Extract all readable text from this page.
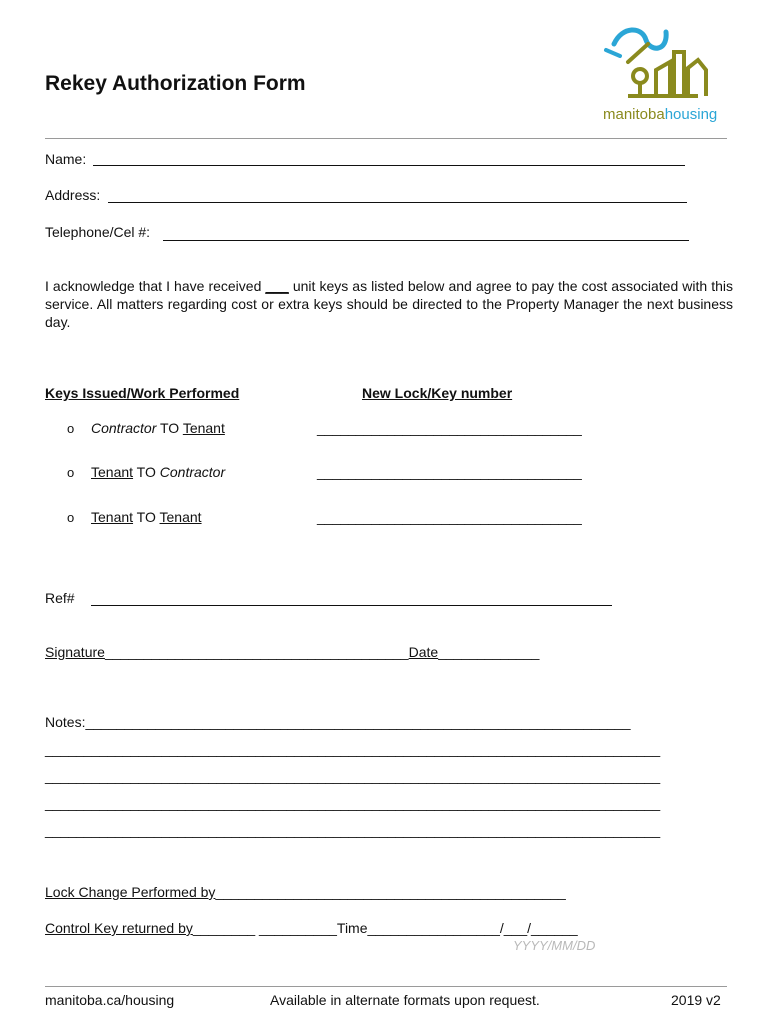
Rekey Authorization Form
manitobahousing
Name:
Address:
Telephone/Cel #:
I acknowledge that I have received ___ unit keys as listed below and agree to pay the cost associated with this service. All matters regarding cost or extra keys should be directed to the Property Manager the next business day.
Keys Issued/Work Performed	New Lock/Key number
o Contractor TO Tenant	__________________________________
o Tenant TO Contractor	__________________________________
o Tenant TO Tenant	__________________________________
Ref#
Signature_______________________________________Date_____________
Notes:______________________________________________________________________
_______________________________________________________________________________
_______________________________________________________________________________
_______________________________________________________________________________
_______________________________________________________________________________
Lock Change Performed by_____________________________________________
Control Key returned by________ __________Time_________________/___/______
YYYY/MM/DD
manitoba.ca/housing	Available in alternate formats upon request.	2019 v2
